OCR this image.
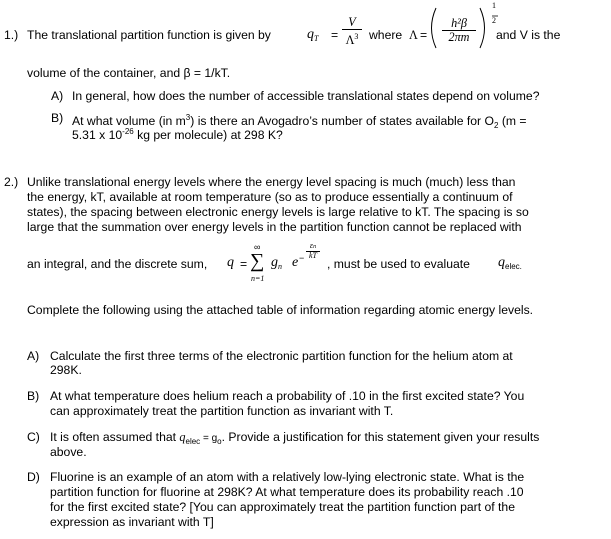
1.) The translational partition function is given by	$q_T$ =
V
$\Lambda^3$ where Λ =
h²β
2πm
1
2
and V is the
volume of the container, and β = 1/kT.
A) In general, how does the number of accessible translational states depend on volume?
B) At what volume (in $m^3$) is there an Avogadro’s number of states available for $O_2$ (m =
5.31 x $10^{-26}$ kg per molecule) at 298 K?
2.) Unlike translational energy levels where the energy level spacing is much (much) less than
the energy, kT, available at room temperature (so as to produce essentially a continuum of
states), the spacing between electronic energy levels is large relative to kT. The spacing is so
large that the summation over energy levels in the partition function cannot be replaced with
an integral, and the discrete sum, q =
∞
∑
n=1
$g_n$ e −
εn
kT
, must be used to evaluate $q_{elec.}$
Complete the following using the attached table of information regarding atomic energy levels.
A) Calculate the first three terms of the electronic partition function for the helium atom at
298K.
B) At what temperature does helium reach a probability of .10 in the first excited state? You
can approximately treat the partition function as invariant with T.
C) It is often assumed that $q_{elec} = g_o$. Provide a justification for this statement given your results
above.
D) Fluorine is an example of an atom with a relatively low-lying electronic state. What is the
partition function for fluorine at 298K? At what temperature does its probability reach .10
for the first excited state? [You can approximately treat the partition function part of the
expression as invariant with T]
